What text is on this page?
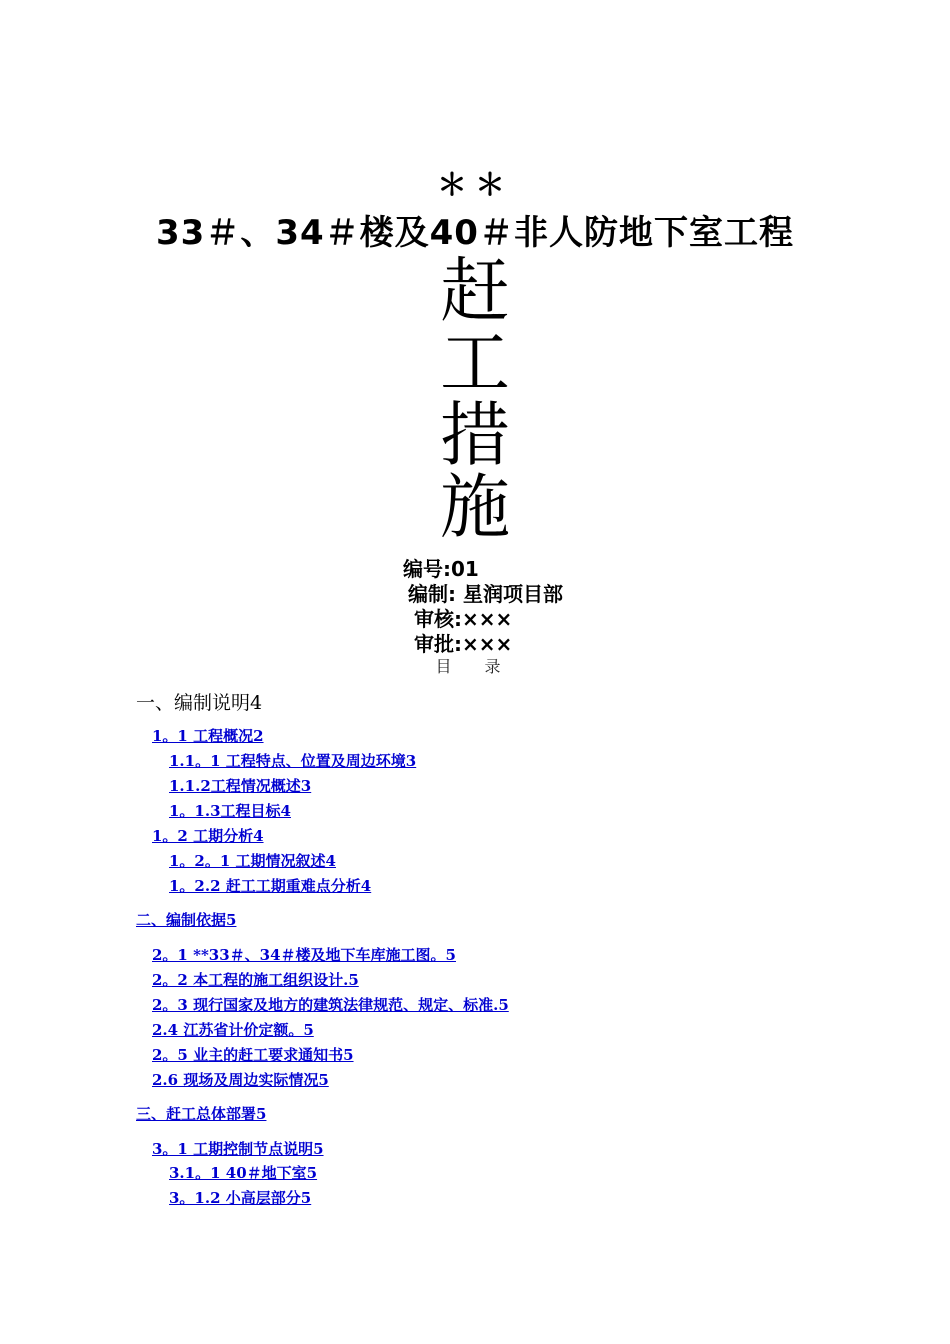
＊＊
33＃、34＃楼及40＃非人防地下室工程
赶
工
措
施
编号:01
编制: 星润项目部
审核:×××
审批:×××
目 录
一、编制说明4
1。1 工程概况2
1.1。1 工程特点、位置及周边环境3
1.1.2工程情况概述3
1。1.3工程目标4
1。2 工期分析4
1。2。1 工期情况叙述4
1。2.2 赶工工期重难点分析4
二、编制依据5
2。1 **33＃、34＃楼及地下车库施工图。5
2。2 本工程的施工组织设计.5
2。3 现行国家及地方的建筑法律规范、规定、标准.5
2.4 江苏省计价定额。5
2。5 业主的赶工要求通知书5
2.6 现场及周边实际情况5
三、赶工总体部署5
3。1 工期控制节点说明5
3.1。1 40＃地下室5
3。1.2 小高层部分5
